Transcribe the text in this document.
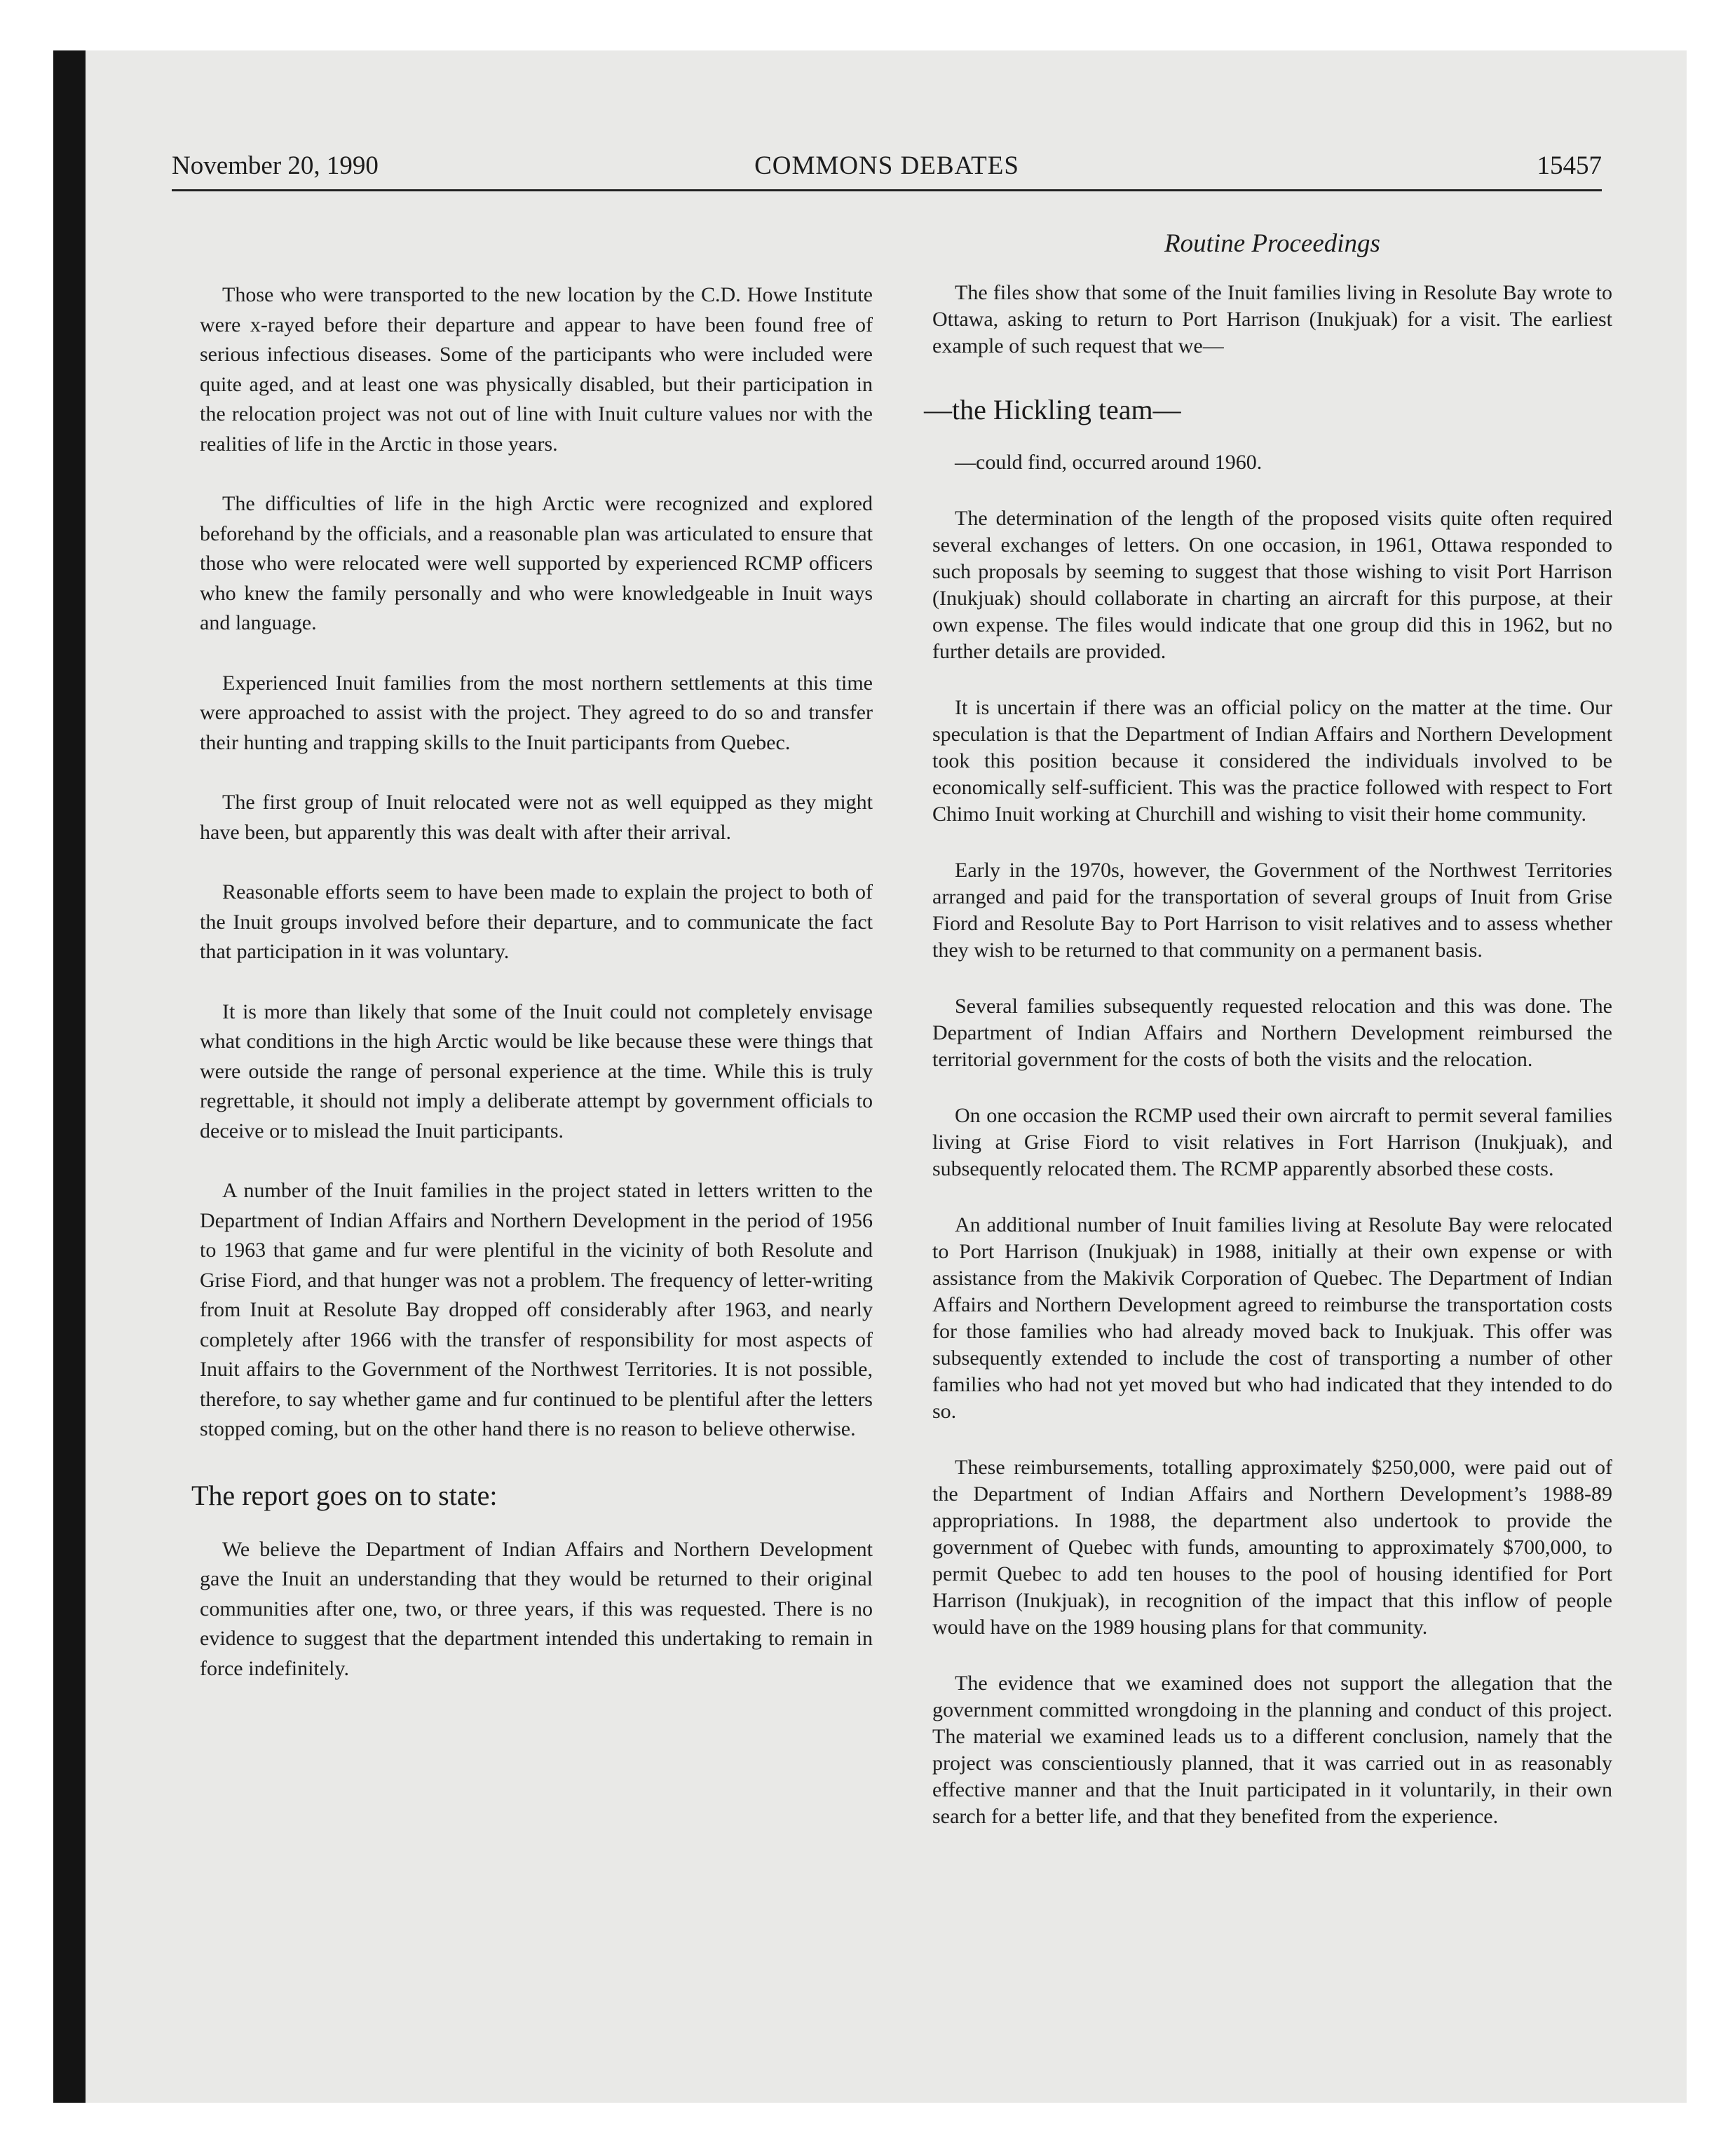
November 20, 1990	COMMONS DEBATES	15457

Those who were transported to the new location by the C.D. Howe Institute were x-rayed before their departure and appear to have been found free of serious infectious diseases. Some of the participants who were included were quite aged, and at least one was physically disabled, but their participation in the relocation project was not out of line with Inuit culture values nor with the realities of life in the Arctic in those years.

The difficulties of life in the high Arctic were recognized and explored beforehand by the officials, and a reasonable plan was articulated to ensure that those who were relocated were well supported by experienced RCMP officers who knew the family personally and who were knowledgeable in Inuit ways and language.

Experienced Inuit families from the most northern settlements at this time were approached to assist with the project. They agreed to do so and transfer their hunting and trapping skills to the Inuit participants from Quebec.

The first group of Inuit relocated were not as well equipped as they might have been, but apparently this was dealt with after their arrival.

Reasonable efforts seem to have been made to explain the project to both of the Inuit groups involved before their departure, and to communicate the fact that participation in it was voluntary.

It is more than likely that some of the Inuit could not completely envisage what conditions in the high Arctic would be like because these were things that were outside the range of personal experience at the time. While this is truly regrettable, it should not imply a deliberate attempt by government officials to deceive or to mislead the Inuit participants.

A number of the Inuit families in the project stated in letters written to the Department of Indian Affairs and Northern Development in the period of 1956 to 1963 that game and fur were plentiful in the vicinity of both Resolute and Grise Fiord, and that hunger was not a problem. The frequency of letter-writing from Inuit at Resolute Bay dropped off considerably after 1963, and nearly completely after 1966 with the transfer of responsibility for most aspects of Inuit affairs to the Government of the Northwest Territories. It is not possible, therefore, to say whether game and fur continued to be plentiful after the letters stopped coming, but on the other hand there is no reason to believe otherwise.

The report goes on to state:

We believe the Department of Indian Affairs and Northern Development gave the Inuit an understanding that they would be returned to their original communities after one, two, or three years, if this was requested. There is no evidence to suggest that the department intended this undertaking to remain in force indefinitely.

Routine Proceedings

The files show that some of the Inuit families living in Resolute Bay wrote to Ottawa, asking to return to Port Harrison (Inukjuak) for a visit. The earliest example of such request that we—

—the Hickling team—

—could find, occurred around 1960.

The determination of the length of the proposed visits quite often required several exchanges of letters. On one occasion, in 1961, Ottawa responded to such proposals by seeming to suggest that those wishing to visit Port Harrison (Inukjuak) should collaborate in charting an aircraft for this purpose, at their own expense. The files would indicate that one group did this in 1962, but no further details are provided.

It is uncertain if there was an official policy on the matter at the time. Our speculation is that the Department of Indian Affairs and Northern Development took this position because it considered the individuals involved to be economically self-sufficient. This was the practice followed with respect to Fort Chimo Inuit working at Churchill and wishing to visit their home community.

Early in the 1970s, however, the Government of the Northwest Territories arranged and paid for the transportation of several groups of Inuit from Grise Fiord and Resolute Bay to Port Harrison to visit relatives and to assess whether they wish to be returned to that community on a permanent basis.

Several families subsequently requested relocation and this was done. The Department of Indian Affairs and Northern Development reimbursed the territorial government for the costs of both the visits and the relocation.

On one occasion the RCMP used their own aircraft to permit several families living at Grise Fiord to visit relatives in Fort Harrison (Inukjuak), and subsequently relocated them. The RCMP apparently absorbed these costs.

An additional number of Inuit families living at Resolute Bay were relocated to Port Harrison (Inukjuak) in 1988, initially at their own expense or with assistance from the Makivik Corporation of Quebec. The Department of Indian Affairs and Northern Development agreed to reimburse the transportation costs for those families who had already moved back to Inukjuak. This offer was subsequently extended to include the cost of transporting a number of other families who had not yet moved but who had indicated that they intended to do so.

These reimbursements, totalling approximately $250,000, were paid out of the Department of Indian Affairs and Northern Development’s 1988-89 appropriations. In 1988, the department also undertook to provide the government of Quebec with funds, amounting to approximately $700,000, to permit Quebec to add ten houses to the pool of housing identified for Port Harrison (Inukjuak), in recognition of the impact that this inflow of people would have on the 1989 housing plans for that community.

The evidence that we examined does not support the allegation that the government committed wrongdoing in the planning and conduct of this project. The material we examined leads us to a different conclusion, namely that the project was conscientiously planned, that it was carried out in as reasonably effective manner and that the Inuit participated in it voluntarily, in their own search for a better life, and that they benefited from the experience.
